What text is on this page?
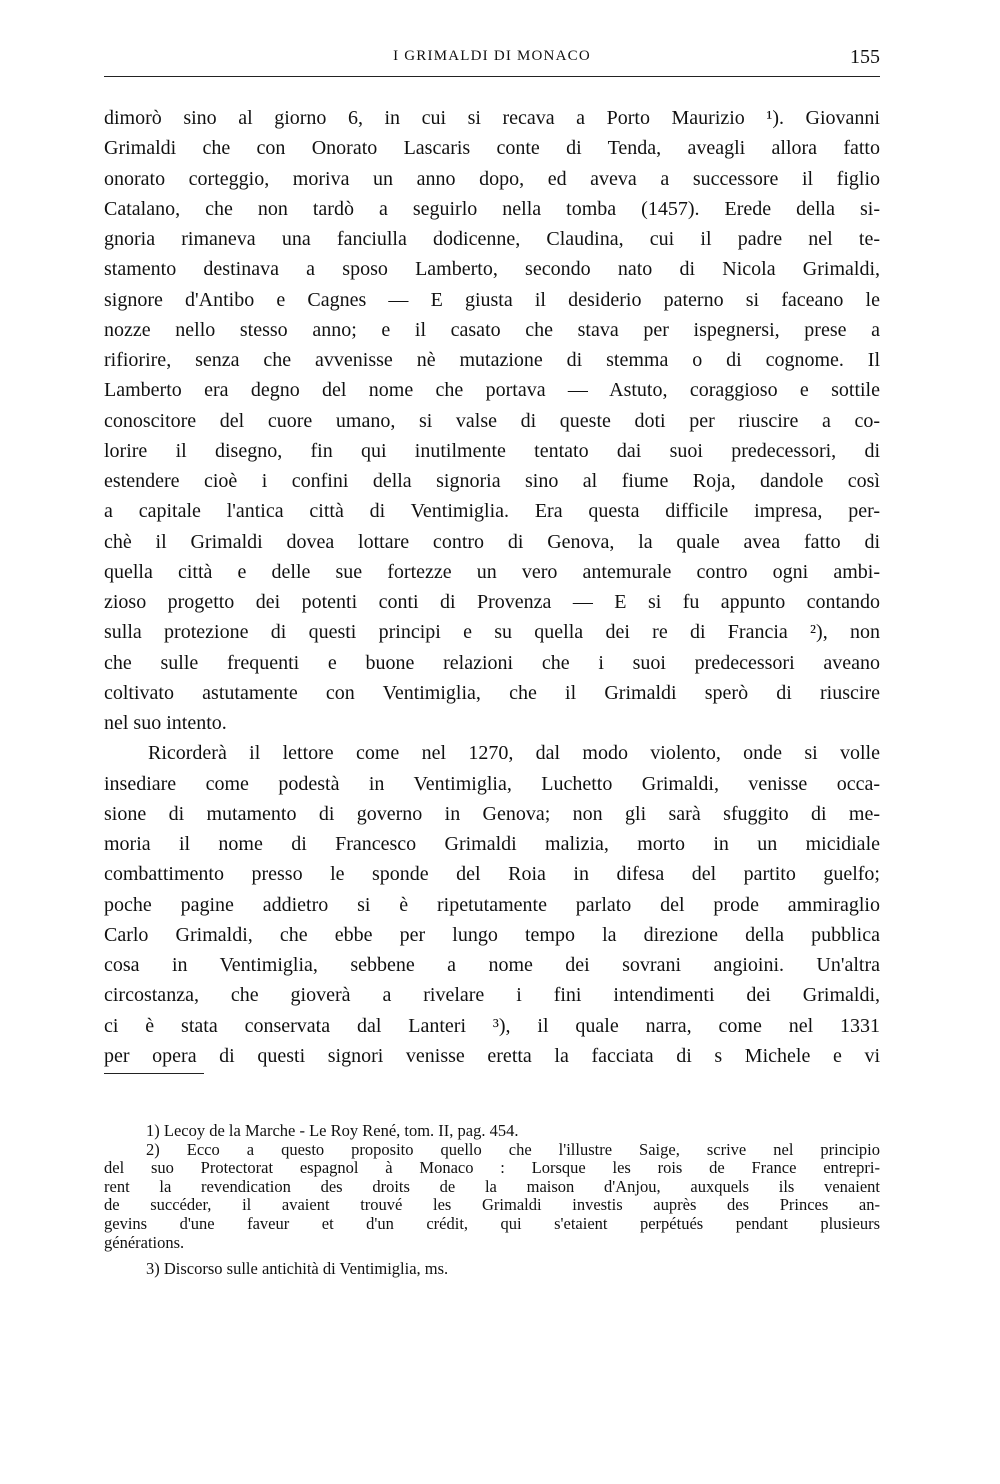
I GRIMALDI DI MONACO	155
dimorò sino al giorno 6, in cui si recava a Porto Maurizio ¹). Giovanni
Grimaldi che con Onorato Lascaris conte di Tenda, aveagli allora fatto
onorato corteggio, moriva un anno dopo, ed aveva a successore il figlio
Catalano, che non tardò a seguirlo nella tomba (1457). Erede della si-
gnoria rimaneva una fanciulla dodicenne, Claudina, cui il padre nel te-
stamento destinava a sposo Lamberto, secondo nato di Nicola Grimaldi,
signore d'Antibo e Cagnes — E giusta il desiderio paterno si faceano le
nozze nello stesso anno; e il casato che stava per ispegnersi, prese a
rifiorire, senza che avvenisse nè mutazione di stemma o di cognome. Il
Lamberto era degno del nome che portava — Astuto, coraggioso e sottile
conoscitore del cuore umano, si valse di queste doti per riuscire a co-
lorire il disegno, fin qui inutilmente tentato dai suoi predecessori, di
estendere cioè i confini della signoria sino al fiume Roja, dandole così
a capitale l'antica città di Ventimiglia. Era questa difficile impresa, per-
chè il Grimaldi dovea lottare contro di Genova, la quale avea fatto di
quella città e delle sue fortezze un vero antemurale contro ogni ambi-
zioso progetto dei potenti conti di Provenza — E si fu appunto contando
sulla protezione di questi principi e su quella dei re di Francia ²), non
che sulle frequenti e buone relazioni che i suoi predecessori aveano
coltivato astutamente con Ventimiglia, che il Grimaldi sperò di riuscire
nel suo intento.
Ricorderà il lettore come nel 1270, dal modo violento, onde si volle
insediare come podestà in Ventimiglia, Luchetto Grimaldi, venisse occa-
sione di mutamento di governo in Genova; non gli sarà sfuggito di me-
moria il nome di Francesco Grimaldi malizia, morto in un micidiale
combattimento presso le sponde del Roia in difesa del partito guelfo;
poche pagine addietro si è ripetutamente parlato del prode ammiraglio
Carlo Grimaldi, che ebbe per lungo tempo la direzione della pubblica
cosa in Ventimiglia, sebbene a nome dei sovrani angioini. Un'altra
circostanza, che gioverà a rivelare i fini intendimenti dei Grimaldi,
ci è stata conservata dal Lanteri ³), il quale narra, come nel 1331
per opera di questi signori venisse eretta la facciata di s Michele e vi
1) Lecoy de la Marche - Le Roy René, tom. II, pag. 454.
2) Ecco a questo proposito quello che l'illustre Saige, scrive nel principio
del suo Protectorat espagnol à Monaco : Lorsque les rois de France entrepri-
rent la revendication des droits de la maison d'Anjou, auxquels ils venaient
de succéder, il avaient trouvé les Grimaldi investis auprès des Princes an-
gevins d'une faveur et d'un crédit, qui s'etaient perpétués pendant plusieurs
générations.
3) Discorso sulle antichità di Ventimiglia, ms.
